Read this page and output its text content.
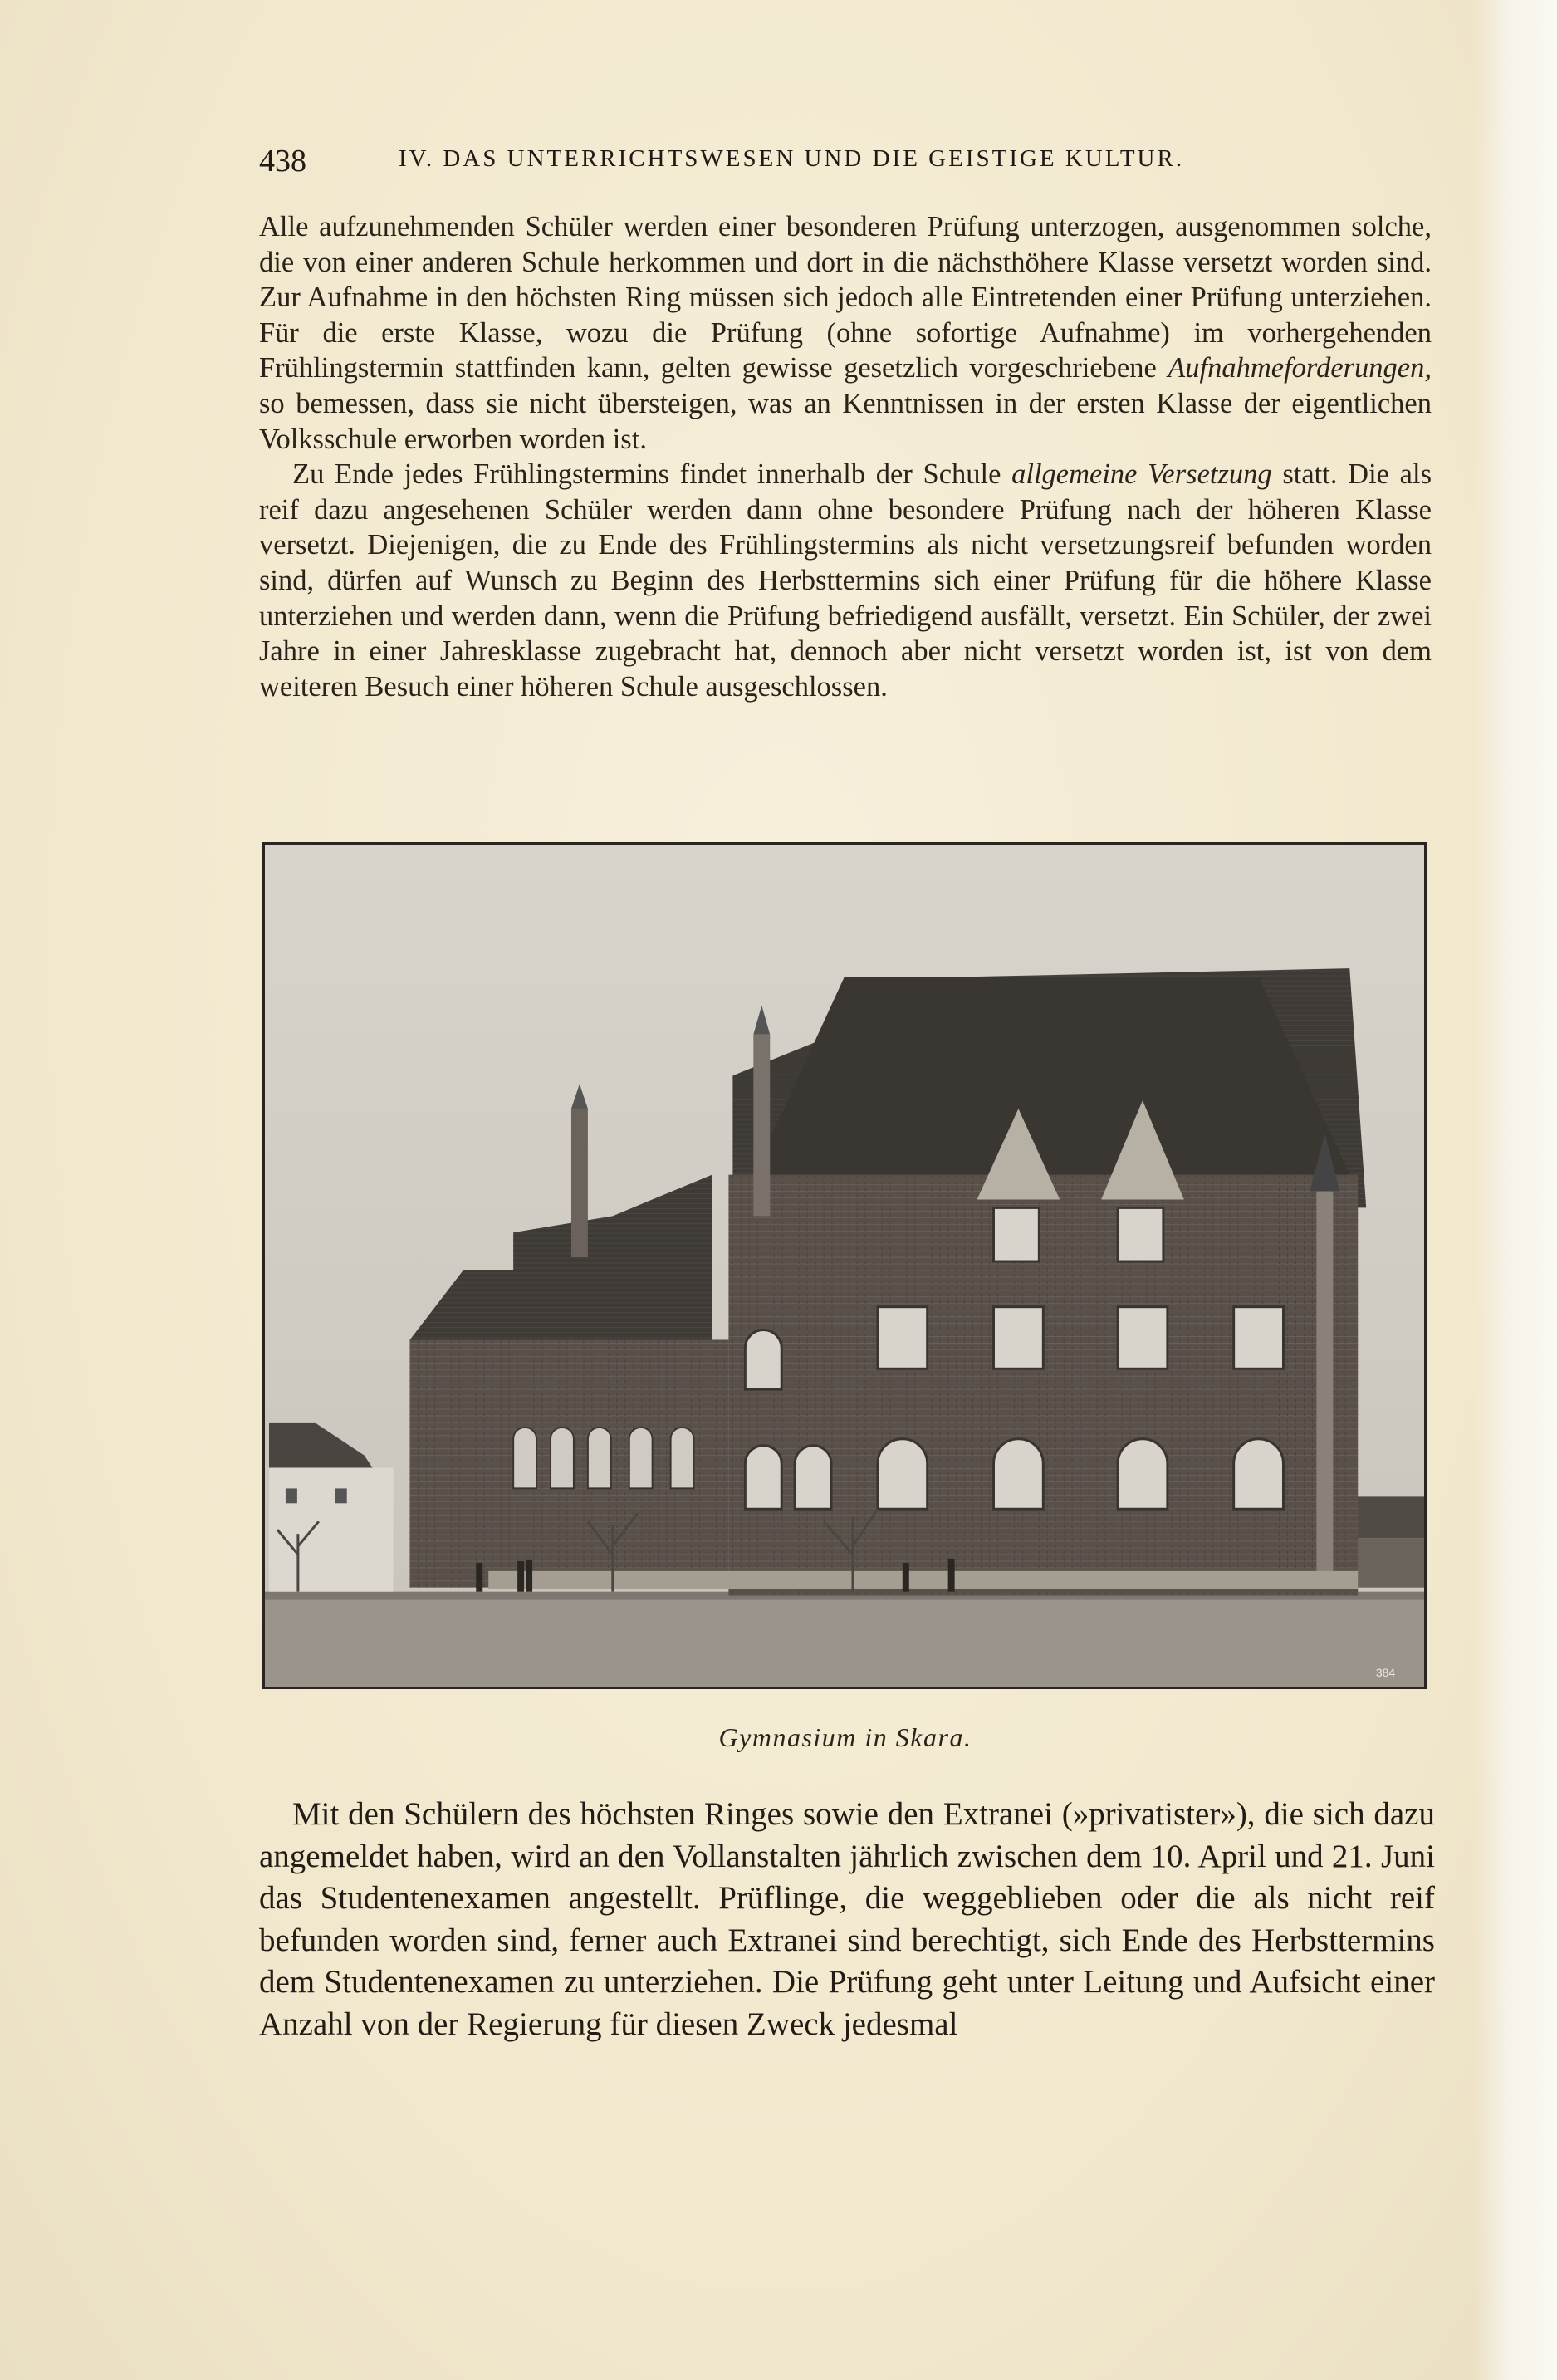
438	IV. DAS UNTERRICHTSWESEN UND DIE GEISTIGE KULTUR.

Alle aufzunehmenden Schüler werden einer besonderen Prüfung unterzogen, ausgenommen solche, die von einer anderen Schule herkommen und dort in die nächsthöhere Klasse versetzt worden sind. Zur Aufnahme in den höchsten Ring müssen sich jedoch alle Eintretenden einer Prüfung unterziehen. Für die erste Klasse, wozu die Prüfung (ohne sofortige Aufnahme) im vorhergehenden Frühlingstermin stattfinden kann, gelten gewisse gesetzlich vorgeschriebene Aufnahmeforderungen, so bemessen, dass sie nicht übersteigen, was an Kenntnissen in der ersten Klasse der eigentlichen Volksschule erworben worden ist.

Zu Ende jedes Frühlingstermins findet innerhalb der Schule allgemeine Versetzung statt. Die als reif dazu angesehenen Schüler werden dann ohne besondere Prüfung nach der höheren Klasse versetzt. Diejenigen, die zu Ende des Frühlingstermins als nicht versetzungsreif befunden worden sind, dürfen auf Wunsch zu Beginn des Herbsttermins sich einer Prüfung für die höhere Klasse unterziehen und werden dann, wenn die Prüfung befriedigend ausfällt, versetzt. Ein Schüler, der zwei Jahre in einer Jahresklasse zugebracht hat, dennoch aber nicht versetzt worden ist, ist von dem weiteren Besuch einer höheren Schule ausgeschlossen.

384
Gymnasium in Skara.

Mit den Schülern des höchsten Ringes sowie den Extranei (»privatister»), die sich dazu angemeldet haben, wird an den Vollanstalten jährlich zwischen dem 10. April und 21. Juni das Studentenexamen angestellt. Prüflinge, die weggeblieben oder die als nicht reif befunden worden sind, ferner auch Extranei sind berechtigt, sich Ende des Herbsttermins dem Studentenexamen zu unterziehen. Die Prüfung geht unter Leitung und Aufsicht einer Anzahl von der Regierung für diesen Zweck jedesmal
